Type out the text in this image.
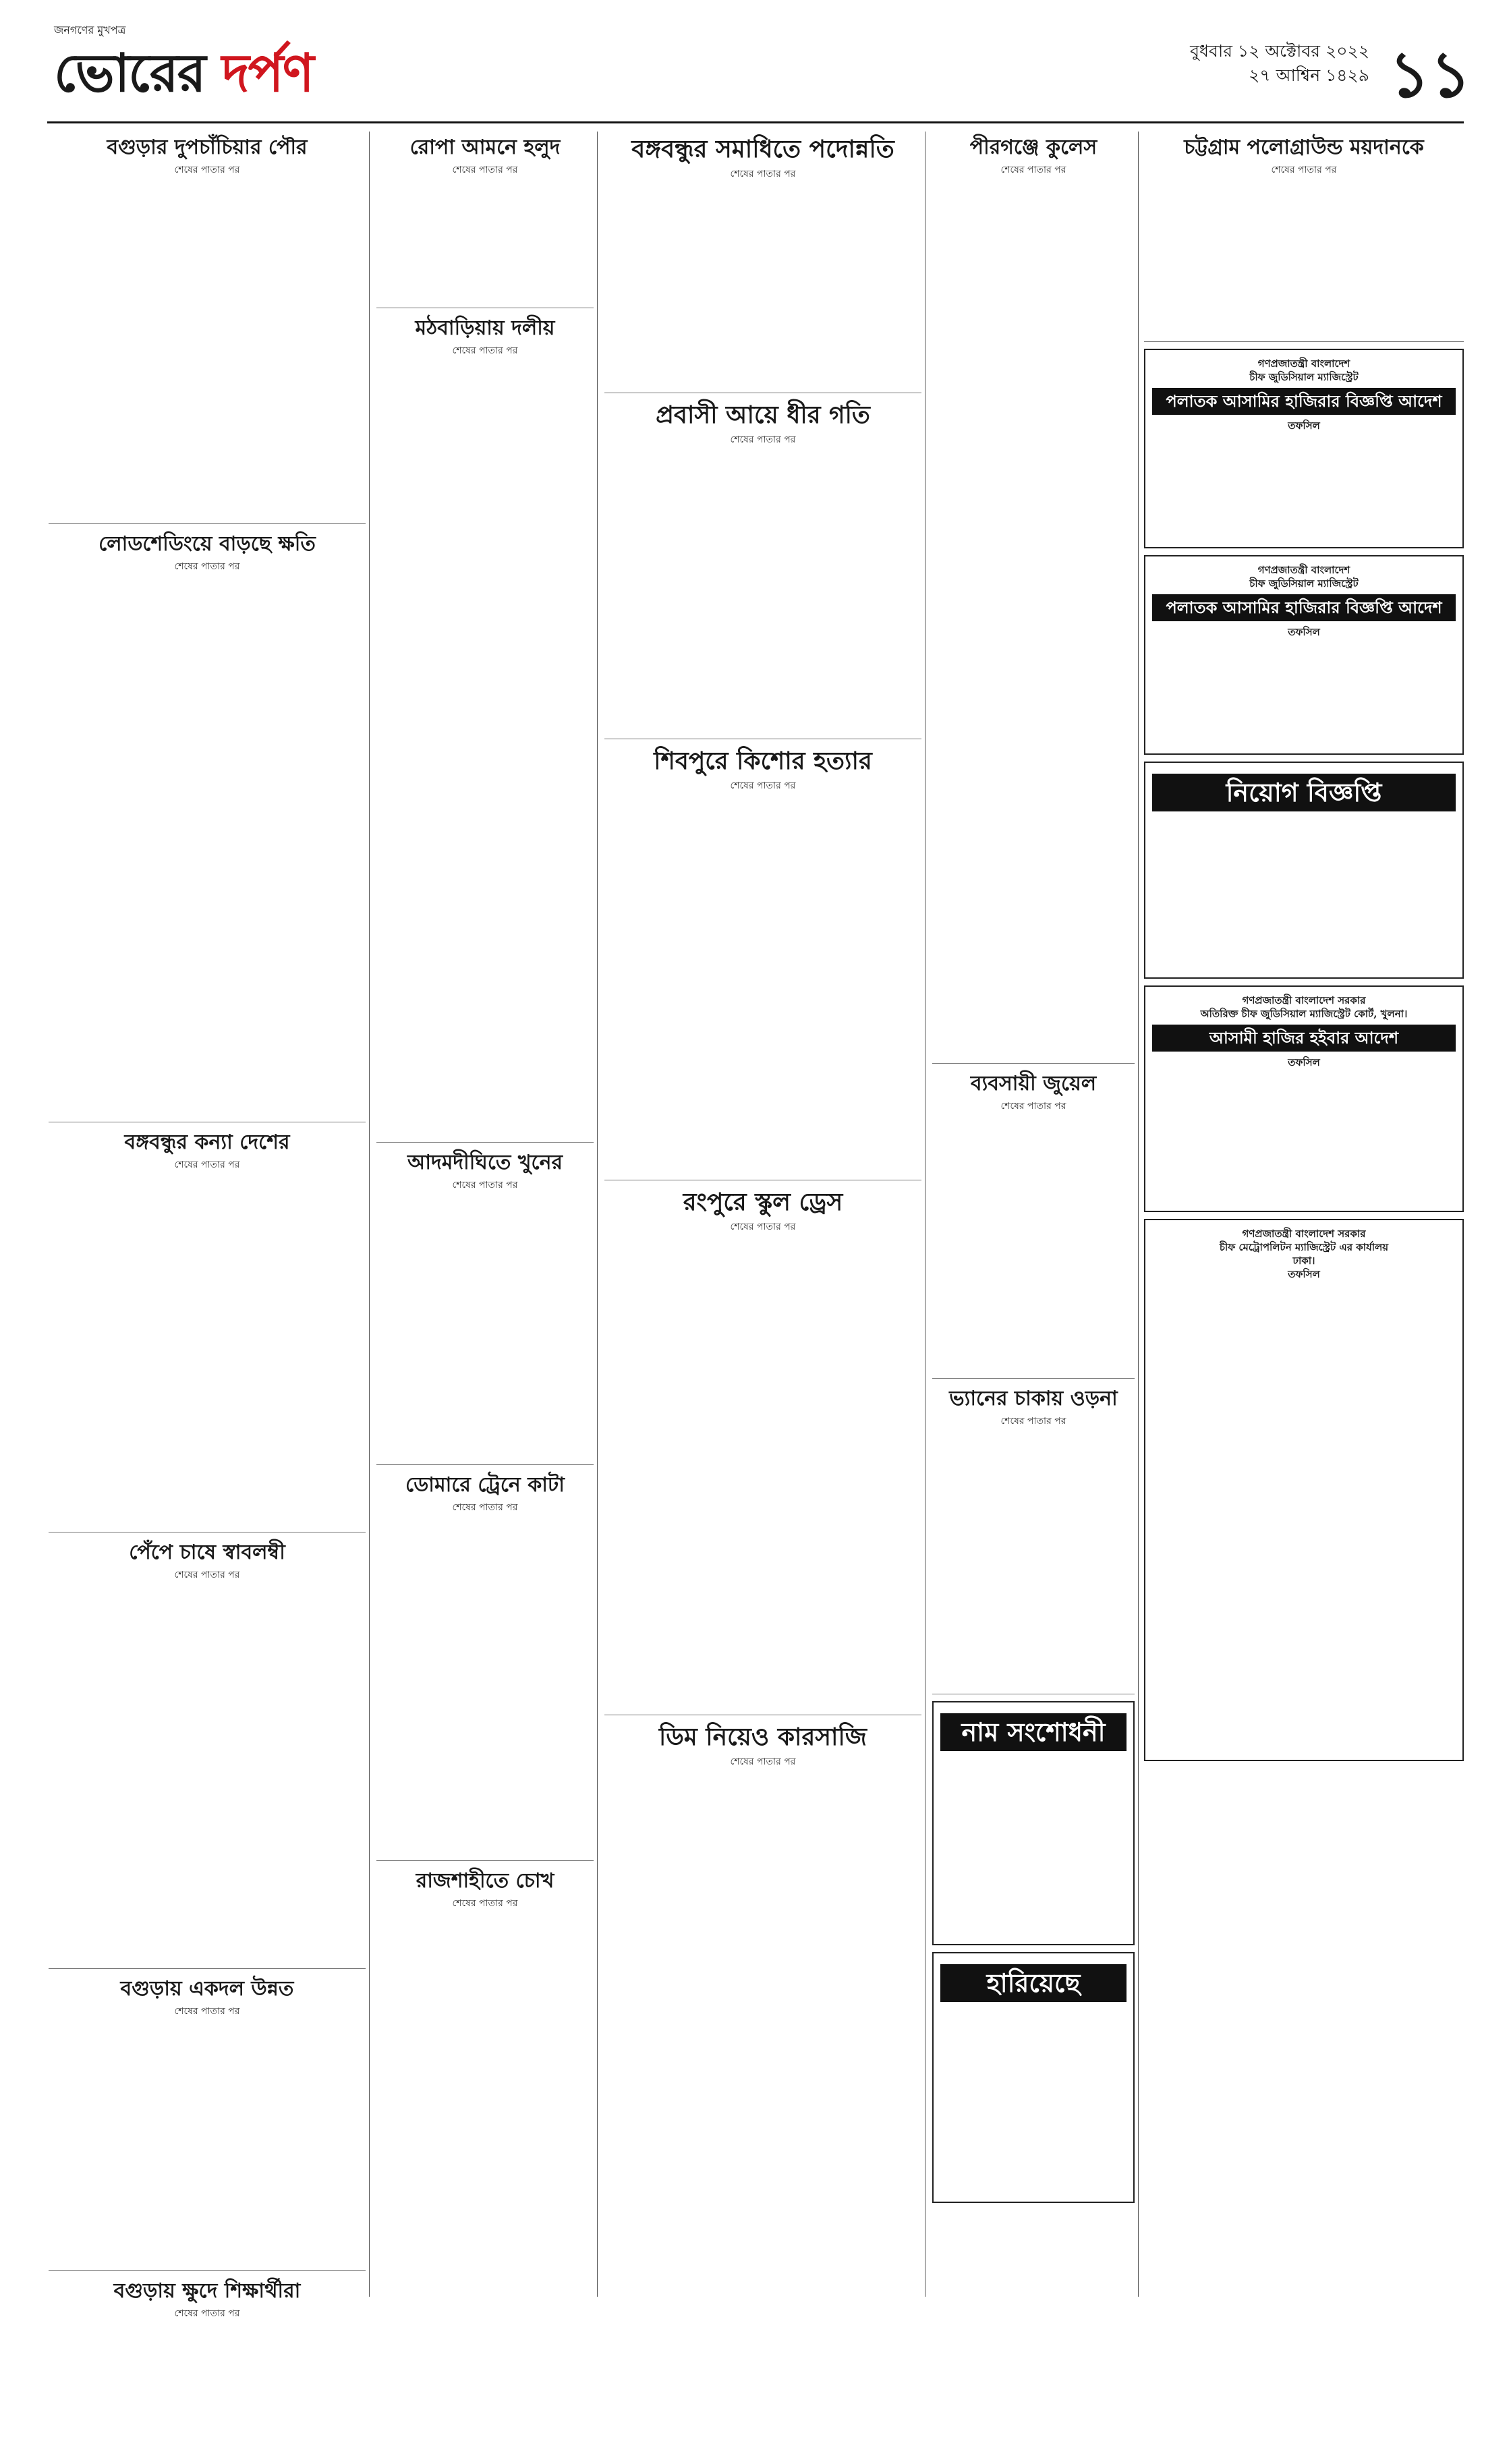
জনগণের মুখপত্র
ভোরের দর্পণ	বুধবার ১২ অক্টোবর ২০২২
২৭ আশ্বিন ১৪২৯ ১১
বগুড়ার দুপচাঁচিয়ার পৌর
শেষের পাতার পর
লোডশেডিংয়ে বাড়ছে ক্ষতি
শেষের পাতার পর
বঙ্গবন্ধুর কন্যা দেশের
শেষের পাতার পর
পেঁপে চাষে স্বাবলম্বী
শেষের পাতার পর
বগুড়ায় একদল উন্নত
শেষের পাতার পর
বগুড়ায় ক্ষুদে শিক্ষার্থীরা
শেষের পাতার পর
রোপা আমনে হলুদ
শেষের পাতার পর
মঠবাড়িয়ায় দলীয়
শেষের পাতার পর
আদমদীঘিতে খুনের
শেষের পাতার পর
ডোমারে ট্রেনে কাটা
শেষের পাতার পর
রাজশাহীতে চোখ
শেষের পাতার পর
বঙ্গবন্ধুর সমাধিতে পদোন্নতি
শেষের পাতার পর
প্রবাসী আয়ে ধীর গতি
শেষের পাতার পর
শিবপুরে কিশোর হত্যার
শেষের পাতার পর
রংপুরে স্কুল ড্রেস
শেষের পাতার পর
ডিম নিয়েও কারসাজি
শেষের পাতার পর
পীরগঞ্জে কুলেস
শেষের পাতার পর
ব্যবসায়ী জুয়েল
শেষের পাতার পর
ভ্যানের চাকায় ওড়না
শেষের পাতার পর
নাম সংশোধনী
হারিয়েছে
চট্টগ্রাম পলোগ্রাউন্ড ময়দানকে
শেষের পাতার পর
গণপ্রজাতন্ত্রী বাংলাদেশ
চীফ জুডিসিয়াল ম্যাজিস্ট্রেট
পলাতক আসামির হাজিরার বিজ্ঞপ্তি আদেশ
তফসিল
গণপ্রজাতন্ত্রী বাংলাদেশ
চীফ জুডিসিয়াল ম্যাজিস্ট্রেট
পলাতক আসামির হাজিরার বিজ্ঞপ্তি আদেশ
তফসিল
নিয়োগ বিজ্ঞপ্তি
গণপ্রজাতন্ত্রী বাংলাদেশ সরকার
অতিরিক্ত চীফ জুডিসিয়াল ম্যাজিস্ট্রেট কোর্ট, খুলনা।
আসামী হাজির হইবার আদেশ
তফসিল
গণপ্রজাতন্ত্রী বাংলাদেশ সরকার
চীফ মেট্রোপলিটন ম্যাজিস্ট্রেট এর কার্যালয়
ঢাকা।
তফসিল
